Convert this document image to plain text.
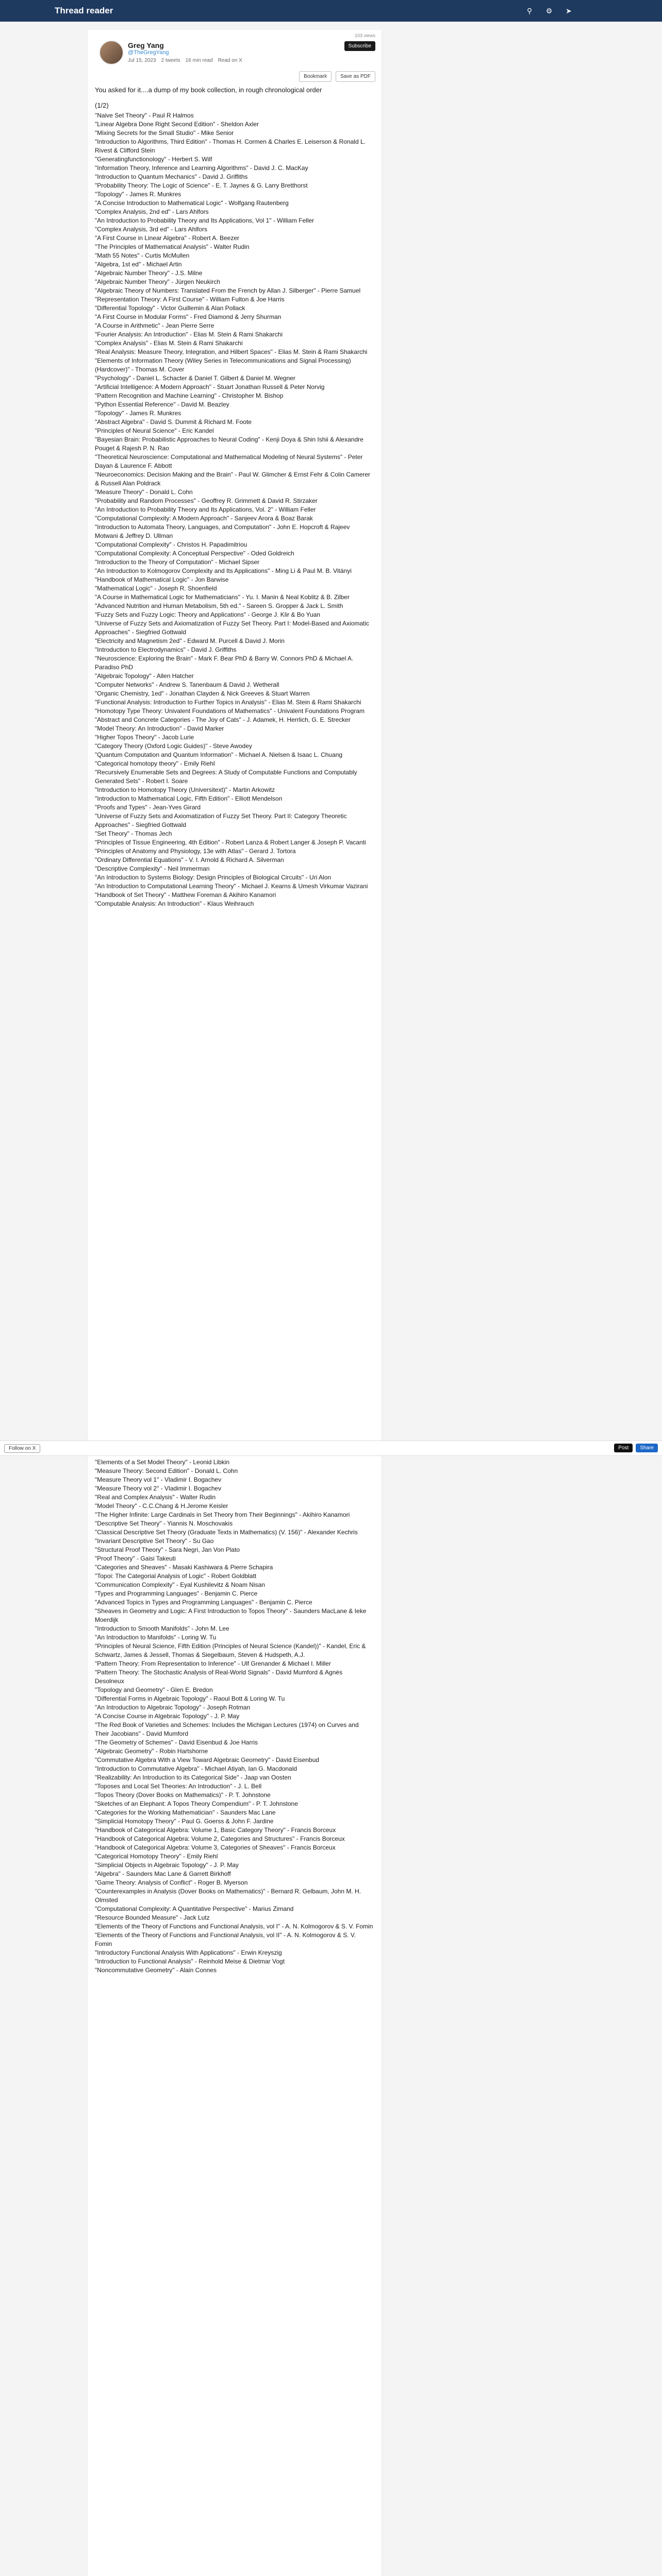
Thread reader	⚲	⚙	➤
103 views
Greg Yang
@TheGregYang
Jul 15, 2023 2 tweets 16 min read Read on X
Subscribe
Bookmark	Save as PDF

You asked for it....a dump of my book collection, in rough chronological order

(1/2)

"Naive Set Theory" - Paul R Halmos

"Linear Algebra Done Right Second Edition" - Sheldon Axler

"Mixing Secrets for the Small Studio" - Mike Senior

"Introduction to Algorithms, Third Edition" - Thomas H. Cormen & Charles E. Leiserson & Ronald L. Rivest & Clifford Stein

"Generatingfunctionology" - Herbert S. Wilf

"Information Theory, Inference and Learning Algorithms" - David J. C. MacKay

"Introduction to Quantum Mechanics" - David J. Griffiths

"Probability Theory: The Logic of Science" - E. T. Jaynes & G. Larry Bretthorst

"Topology" - James R. Munkres

"A Concise Introduction to Mathematical Logic" - Wolfgang Rautenberg

"Complex Analysis, 2nd ed" - Lars Ahlfors

"An Introduction to Probability Theory and Its Applications, Vol 1" - William Feller

"Complex Analysis, 3rd ed" - Lars Ahlfors

"A First Course in Linear Algebra" - Robert A. Beezer

"The Principles of Mathematical Analysis" - Walter Rudin

"Math 55 Notes" - Curtis McMullen

"Algebra, 1st ed" - Michael Artin

"Algebraic Number Theory" - J.S. Milne

"Algebraic Number Theory" - Jürgen Neukirch

"Algebraic Theory of Numbers: Translated From the French by Allan J. Silberger" - Pierre Samuel

"Representation Theory: A First Course" - William Fulton & Joe Harris

"Differential Topology" - Victor Guillemin & Alan Pollack

"A First Course in Modular Forms" - Fred Diamond & Jerry Shurman

"A Course in Arithmetic" - Jean Pierre Serre

"Fourier Analysis: An Introduction" - Elias M. Stein & Rami Shakarchi

"Complex Analysis" - Elias M. Stein & Rami Shakarchi

"Real Analysis: Measure Theory, Integration, and Hilbert Spaces" - Elias M. Stein & Rami Shakarchi

"Elements of Information Theory (Wiley Series in Telecommunications and Signal Processing) (Hardcover)" - Thomas M. Cover

"Psychology" - Daniel L. Schacter & Daniel T. Gilbert & Daniel M. Wegner

"Artificial Intelligence: A Modern Approach" - Stuart Jonathan Russell & Peter Norvig

"Pattern Recognition and Machine Learning" - Christopher M. Bishop

"Python Essential Reference" - David M. Beazley

"Topology" - James R. Munkres

"Abstract Algebra" - David S. Dummit & Richard M. Foote

"Principles of Neural Science" - Eric Kandel

"Bayesian Brain: Probabilistic Approaches to Neural Coding" - Kenji Doya & Shin Ishii & Alexandre Pouget & Rajesh P. N. Rao

"Theoretical Neuroscience: Computational and Mathematical Modeling of Neural Systems" - Peter Dayan & Laurence F. Abbott

"Neuroeconomics: Decision Making and the Brain" - Paul W. Glimcher & Ernst Fehr & Colin Camerer & Russell Alan Poldrack

"Measure Theory" - Donald L. Cohn

"Probability and Random Processes" - Geoffrey R. Grimmett & David R. Stirzaker

"An Introduction to Probability Theory and Its Applications, Vol. 2" - William Feller

"Computational Complexity: A Modern Approach" - Sanjeev Arora & Boaz Barak

"Introduction to Automata Theory, Languages, and Computation" - John E. Hopcroft & Rajeev Motwani & Jeffrey D. Ullman

"Computational Complexity" - Christos H. Papadimitriou

"Computational Complexity: A Conceptual Perspective" - Oded Goldreich

"Introduction to the Theory of Computation" - Michael Sipser

"An Introduction to Kolmogorov Complexity and Its Applications" - Ming Li & Paul M. B. Vitányi

"Handbook of Mathematical Logic" - Jon Barwise

"Mathematical Logic" - Joseph R. Shoenfield

"A Course in Mathematical Logic for Mathematicians" - Yu. I. Manin & Neal Koblitz & B. Zilber

"Advanced Nutrition and Human Metabolism, 5th ed." - Sareen S. Gropper & Jack L. Smith

"Fuzzy Sets and Fuzzy Logic: Theory and Applications" - George J. Klir & Bo Yuan

"Universe of Fuzzy Sets and Axiomatization of Fuzzy Set Theory. Part I: Model-Based and Axiomatic Approaches" - Siegfried Gottwald

"Electricity and Magnetism 2ed" - Edward M. Purcell & David J. Morin

"Introduction to Electrodynamics" - David J. Griffiths

"Neuroscience: Exploring the Brain" - Mark F. Bear PhD & Barry W. Connors PhD & Michael A. Paradiso PhD

"Algebraic Topology" - Allen Hatcher

"Computer Networks" - Andrew S. Tanenbaum & David J. Wetherall

"Organic Chemistry, 1ed" - Jonathan Clayden & Nick Greeves & Stuart Warren

"Functional Analysis: Introduction to Further Topics in Analysis" - Elias M. Stein & Rami Shakarchi

"Homotopy Type Theory: Univalent Foundations of Mathematics" - Univalent Foundations Program

"Abstract and Concrete Categories - The Joy of Cats" - J. Adamek, H. Herrlich, G. E. Strecker

"Model Theory: An Introduction" - David Marker

"Higher Topos Theory" - Jacob Lurie

"Category Theory (Oxford Logic Guides)" - Steve Awodey

"Quantum Computation and Quantum Information" - Michael A. Nielsen & Isaac L. Chuang

"Categorical homotopy theory" - Emily Riehl

"Recursively Enumerable Sets and Degrees: A Study of Computable Functions and Computably Generated Sets" - Robert I. Soare

"Introduction to Homotopy Theory (Universitext)" - Martin Arkowitz

"Introduction to Mathematical Logic, Fifth Edition" - Elliott Mendelson

"Proofs and Types" - Jean-Yves Girard

"Universe of Fuzzy Sets and Axiomatization of Fuzzy Set Theory. Part II: Category Theoretic Approaches" - Siegfried Gottwald

"Set Theory" - Thomas Jech

"Principles of Tissue Engineering, 4th Edition" - Robert Lanza & Robert Langer & Joseph P. Vacanti

"Principles of Anatomy and Physiology, 13e with Atlas" - Gerard J. Tortora

"Ordinary Differential Equations" - V. I. Arnold & Richard A. Silverman

"Descriptive Complexity" - Neil Immerman

"An Introduction to Systems Biology: Design Principles of Biological Circuits" - Uri Alon

"An Introduction to Computational Learning Theory" - Michael J. Kearns & Umesh Virkumar Vazirani

"Handbook of Set Theory" - Matthew Foreman & Akihiro Kanamori

"Computable Analysis: An Introduction" - Klaus Weihrauch

Follow on X	Post	Share

"Elements of a Set Model Theory" - Leonid Libkin

"Measure Theory: Second Edition" - Donald L. Cohn

"Measure Theory vol 1" - Vladimir I. Bogachev

"Measure Theory vol 2" - Vladimir I. Bogachev

"Real and Complex Analysis" - Walter Rudin

"Model Theory" - C.C.Chang & H.Jerome Keisler

"The Higher Infinite: Large Cardinals in Set Theory from Their Beginnings" - Akihiro Kanamori

"Descriptive Set Theory" - Yiannis N. Moschovakis

"Classical Descriptive Set Theory (Graduate Texts in Mathematics) (V. 156)" - Alexander Kechris

"Invariant Descriptive Set Theory" - Su Gao

"Structural Proof Theory" - Sara Negri, Jan Von Plato

"Proof Theory" - Gaisi Takeuti

"Categories and Sheaves" - Masaki Kashiwara & Pierre Schapira

"Topoi: The Categorial Analysis of Logic" - Robert Goldblatt

"Communication Complexity" - Eyal Kushilevitz & Noam Nisan

"Types and Programming Languages" - Benjamin C. Pierce

"Advanced Topics in Types and Programming Languages" - Benjamin C. Pierce

"Sheaves in Geometry and Logic: A First Introduction to Topos Theory" - Saunders MacLane & Ieke Moerdijk

"Introduction to Smooth Manifolds" - John M. Lee

"An Introduction to Manifolds" - Loring W. Tu

"Principles of Neural Science, Fifth Edition (Principles of Neural Science (Kandel))" - Kandel, Eric & Schwartz, James & Jessell, Thomas & Siegelbaum, Steven & Hudspeth, A.J.

"Pattern Theory: From Representation to Inference" - Ulf Grenander & Michael I. Miller

"Pattern Theory: The Stochastic Analysis of Real-World Signals" - David Mumford & Agnès Desolneux

"Topology and Geometry" - Glen E. Bredon

"Differential Forms in Algebraic Topology" - Raoul Bott & Loring W. Tu

"An Introduction to Algebraic Topology" - Joseph Rotman

"A Concise Course in Algebraic Topology" - J. P. May

"The Red Book of Varieties and Schemes: Includes the Michigan Lectures (1974) on Curves and Their Jacobians" - David Mumford

"The Geometry of Schemes" - David Eisenbud & Joe Harris

"Algebraic Geometry" - Robin Hartshorne

"Commutative Algebra With a View Toward Algebraic Geometry" - David Eisenbud

"Introduction to Commutative Algebra" - Michael Atiyah, Ian G. Macdonald

"Realizability: An Introduction to its Categorical Side" - Jaap van Oosten

"Toposes and Local Set Theories: An Introduction" - J. L. Bell

"Topos Theory (Dover Books on Mathematics)" - P. T. Johnstone

"Sketches of an Elephant: A Topos Theory Compendium" - P. T. Johnstone

"Categories for the Working Mathematician" - Saunders Mac Lane

"Simplicial Homotopy Theory" - Paul G. Goerss & John F. Jardine

"Handbook of Categorical Algebra: Volume 1, Basic Category Theory" - Francis Borceux

"Handbook of Categorical Algebra: Volume 2, Categories and Structures" - Francis Borceux

"Handbook of Categorical Algebra: Volume 3, Categories of Sheaves" - Francis Borceux

"Categorical Homotopy Theory" - Emily Riehl

"Simplicial Objects in Algebraic Topology" - J. P. May

"Algebra" - Saunders Mac Lane & Garrett Birkhoff

"Game Theory: Analysis of Conflict" - Roger B. Myerson

"Counterexamples in Analysis (Dover Books on Mathematics)" - Bernard R. Gelbaum, John M. H. Olmsted

"Computational Complexity: A Quantitative Perspective" - Marius Zimand

"Resource Bounded Measure" - Jack Lutz

"Elements of the Theory of Functions and Functional Analysis, vol I" - A. N. Kolmogorov & S. V. Fomin

"Elements of the Theory of Functions and Functional Analysis, vol II" - A. N. Kolmogorov & S. V. Fomin

"Introductory Functional Analysis With Applications" - Erwin Kreyszig

"Introduction to Functional Analysis" - Reinhold Meise & Dietmar Vogt

"Noncommutative Geometry" - Alain Connes
